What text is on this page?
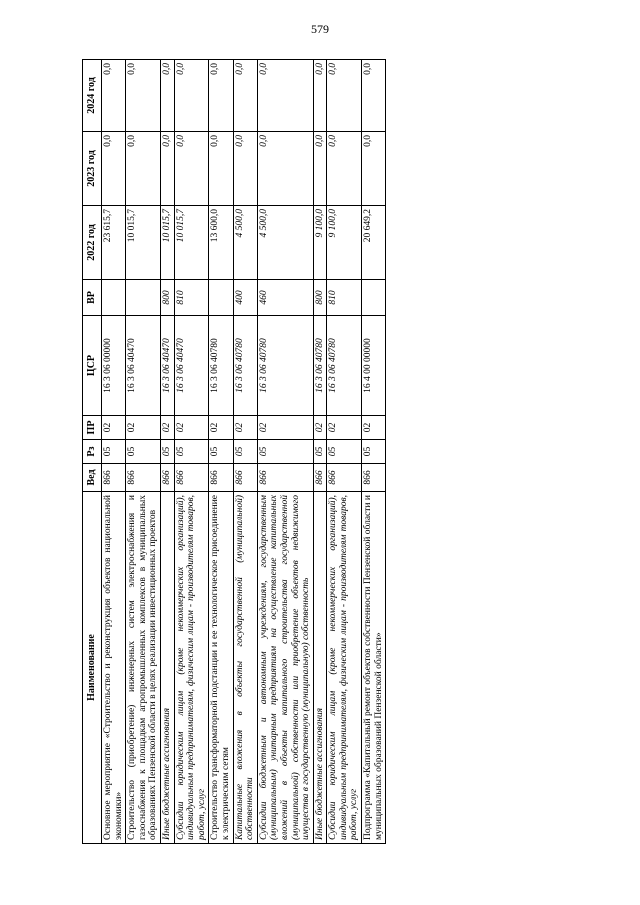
579
Наименование	Вед	Рз	ПР	ЦСР	ВР	2022 год	2023 год	2024 год
Основное мероприятие «Строительство и реконструкция объектов национальной экономики»	866	05	02	16 3 06 00000		23 615,7	0,0	0,0
Строительство (приобретение) инженерных систем электроснабжения и газоснабжения к площадкам агропромышленных комплексов в муниципальных образованиях Пензенской области в целях реализации инвестиционных проектов	866	05	02	16 3 06 40470		10 015,7	0,0	0,0
Иные бюджетные ассигнования	866	05	02	16 3 06 40470	800	10 015,7	0,0	0,0
Субсидии юридическим лицам (кроме некоммерческих организаций), индивидуальным предпринимателям, физическим лицам - производителям товаров, работ, услуг	866	05	02	16 3 06 40470	810	10 015,7	0,0	0,0
Строительство трансформаторной подстанции и ее технологическое присоединение к электрическим сетям	866	05	02	16 3 06 40780		13 600,0	0,0	0,0
Капитальные вложения в объекты государственной (муниципальной) собственности	866	05	02	16 3 06 40780	400	4 500,0	0,0	0,0
Субсидии бюджетным и автономным учреждениям, государственным (муниципальным) унитарным предприятиям на осуществление капитальных вложений в объекты капитального строительства государственной (муниципальной) собственности или приобретение объектов недвижимого имущества в государственную (муниципальную) собственность	866	05	02	16 3 06 40780	460	4 500,0	0,0	0,0
Иные бюджетные ассигнования	866	05	02	16 3 06 40780	800	9 100,0	0,0	0,0
Субсидии юридическим лицам (кроме некоммерческих организаций), индивидуальным предпринимателям, физическим лицам - производителям товаров, работ, услуг	866	05	02	16 3 06 40780	810	9 100,0	0,0	0,0
Подпрограмма «Капитальный ремонт объектов собственности Пензенской области и муниципальных образований Пензенской области»	866	05	02	16 4 00 00000		20 649,2	0,0	0,0
